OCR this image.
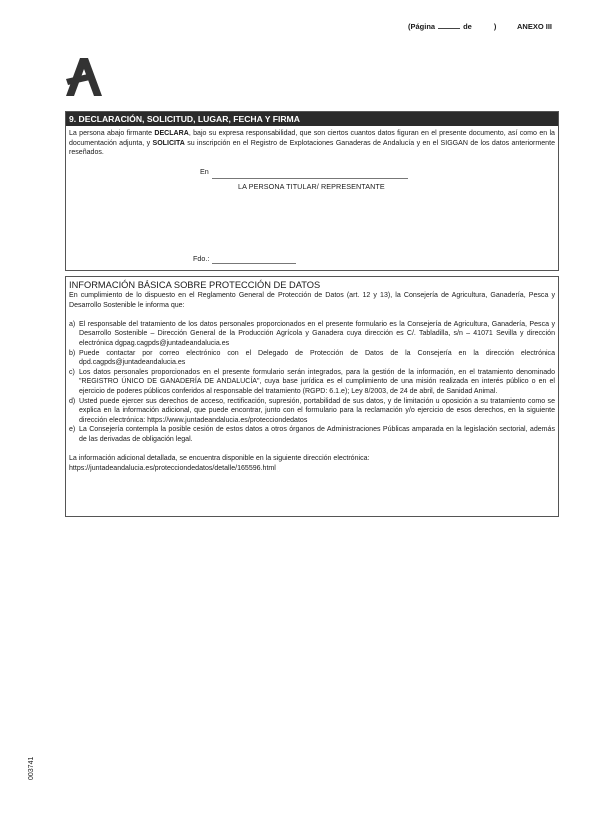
(Página	de	)	ANEXO III
9. DECLARACIÓN, SOLICITUD, LUGAR, FECHA Y FIRMA
La persona abajo firmante DECLARA, bajo su expresa responsabilidad, que son ciertos cuantos datos figuran en el presente documento, así como en la documentación adjunta, y SOLICITA su inscripción en el Registro de Explotaciones Ganaderas de Andalucía y en el SIGGAN de los datos anteriormente reseñados.
En
LA PERSONA TITULAR/ REPRESENTANTE
Fdo.:
INFORMACIÓN BÁSICA SOBRE PROTECCIÓN DE DATOS
En cumplimiento de lo dispuesto en el Reglamento General de Protección de Datos (art. 12 y 13), la Consejería de Agricultura, Ganadería, Pesca y Desarrollo Sostenible le informa que:
a) El responsable del tratamiento de los datos personales proporcionados en el presente formulario es la Consejería de Agricultura, Ganadería, Pesca y Desarrollo Sostenible – Dirección General de la Producción Agrícola y Ganadera cuya dirección es C/. Tabladilla, s/n – 41071 Sevilla y dirección electrónica dgpag.cagpds@juntadeandalucia.es
b) Puede contactar por correo electrónico con el Delegado de Protección de Datos de la Consejería en la dirección electrónica dpd.cagpds@juntadeandalucia.es
c) Los datos personales proporcionados en el presente formulario serán integrados, para la gestión de la información, en el tratamiento denominado "REGISTRO ÚNICO DE GANADERÍA DE ANDALUCÍA", cuya base jurídica es el cumplimiento de una misión realizada en interés público o en el ejercicio de poderes públicos conferidos al responsable del tratamiento (RGPD: 6.1.e); Ley 8/2003, de 24 de abril, de Sanidad Animal.
d) Usted puede ejercer sus derechos de acceso, rectificación, supresión, portabilidad de sus datos, y de limitación u oposición a su tratamiento como se explica en la información adicional, que puede encontrar, junto con el formulario para la reclamación y/o ejercicio de esos derechos, en la siguiente dirección electrónica: https://www.juntadeandalucia.es/protecciondedatos
e) La Consejería contempla la posible cesión de estos datos a otros órganos de Administraciones Públicas amparada en la legislación sectorial, además de las derivadas de obligación legal.
La información adicional detallada, se encuentra disponible en la siguiente dirección electrónica:
https://juntadeandalucia.es/protecciondedatos/detalle/165596.html
003741
